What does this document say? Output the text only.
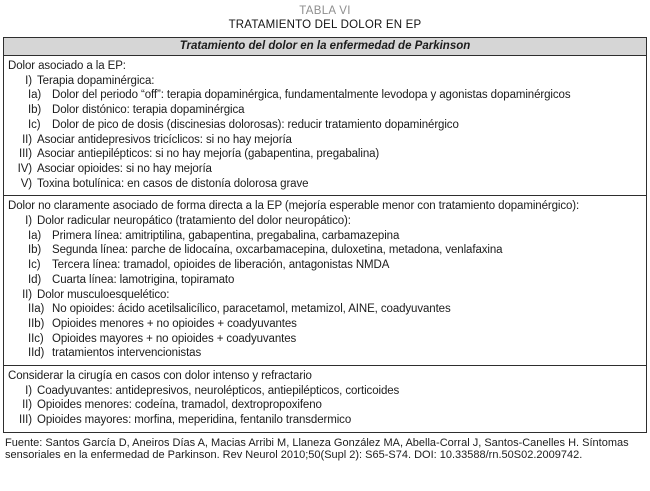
TABLA VI
TRATAMIENTO DEL DOLOR EN EP
Tratamiento del dolor en la enfermedad de Parkinson
Dolor asociado a la EP:
I) Terapia dopaminérgica:
Ia) Dolor del periodo “off”: terapia dopaminérgica, fundamentalmente levodopa y agonistas dopaminérgicos
Ib) Dolor distónico: terapia dopaminérgica
Ic)	Dolor de pico de dosis (discinesias dolorosas): reducir tratamiento dopaminérgico
II) Asociar antidepresivos tricíclicos: si no hay mejoría
III) Asociar antiepilépticos: si no hay mejoría (gabapentina, pregabalina)
IV) Asociar opioides: si no hay mejoría
V) Toxina botulínica: en casos de distonía dolorosa grave
Dolor no claramente asociado de forma directa a la EP (mejoría esperable menor con tratamiento dopaminérgico):
I) Dolor radicular neuropático (tratamiento del dolor neuropático):
Ia) Primera línea: amitriptilina, gabapentina, pregabalina, carbamazepina
Ib) Segunda línea: parche de lidocaína, oxcarbamacepina, duloxetina, metadona, venlafaxina
Ic)	Tercera línea: tramadol, opioides de liberación, antagonistas NMDA
Id) Cuarta línea: lamotrigina, topiramato
II) Dolor musculoesquelético:
IIa) No opioides: ácido acetilsalicílico, paracetamol, metamizol, AINE, coadyuvantes
IIb) Opioides menores + no opioides + coadyuvantes
IIc) Opioides mayores + no opioides + coadyuvantes
IId) tratamientos intervencionistas
Considerar la cirugía en casos con dolor intenso y refractario
I) Coadyuvantes: antidepresivos, neurolépticos, antiepilépticos, corticoides
II) Opioides menores: codeína, tramadol, dextropropoxifeno
III) Opioides mayores: morfina, meperidina, fentanilo transdermico
Fuente: Santos García D, Aneiros Días A, Macias Arribi M, Llaneza González MA, Abella-Corral J, Santos-Canelles H. Síntomas sensoriales en la enfermedad de Parkinson. Rev Neurol 2010;50(Supl 2): S65-S74. DOI: 10.33588/rn.50S02.2009742.
